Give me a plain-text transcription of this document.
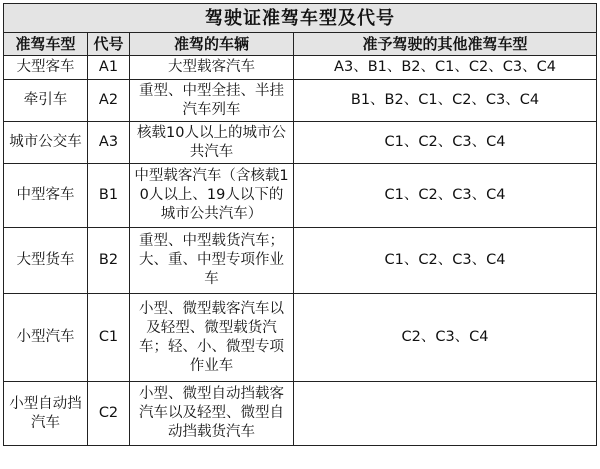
驾驶证准驾车型及代号			
准驾车型	代号	准驾的车辆	准予驾驶的其他准驾车型
大型客车	A1	大型载客汽车	A3、B1、B2、C1、C2、C3、C4
牵引车	A2	重型、中型全挂、半挂汽车列车	B1、B2、C1、C2、C3、C4
城市公交车	A3	核载10人以上的城市公共汽车	C1、C2、C3、C4
中型客车	B1	中型载客汽车（含核载10人以上、19人以下的城市公共汽车）	C1、C2、C3、C4
大型货车	B2	重型、中型载货汽车；大、重、中型专项作业车	C1、C2、C3、C4
小型汽车	C1	小型、微型载客汽车以及轻型、微型载货汽车；轻、小、微型专项作业车	C2、C3、C4
小型自动挡汽车	C2	小型、微型自动挡载客汽车以及轻型、微型自动挡载货汽车	
